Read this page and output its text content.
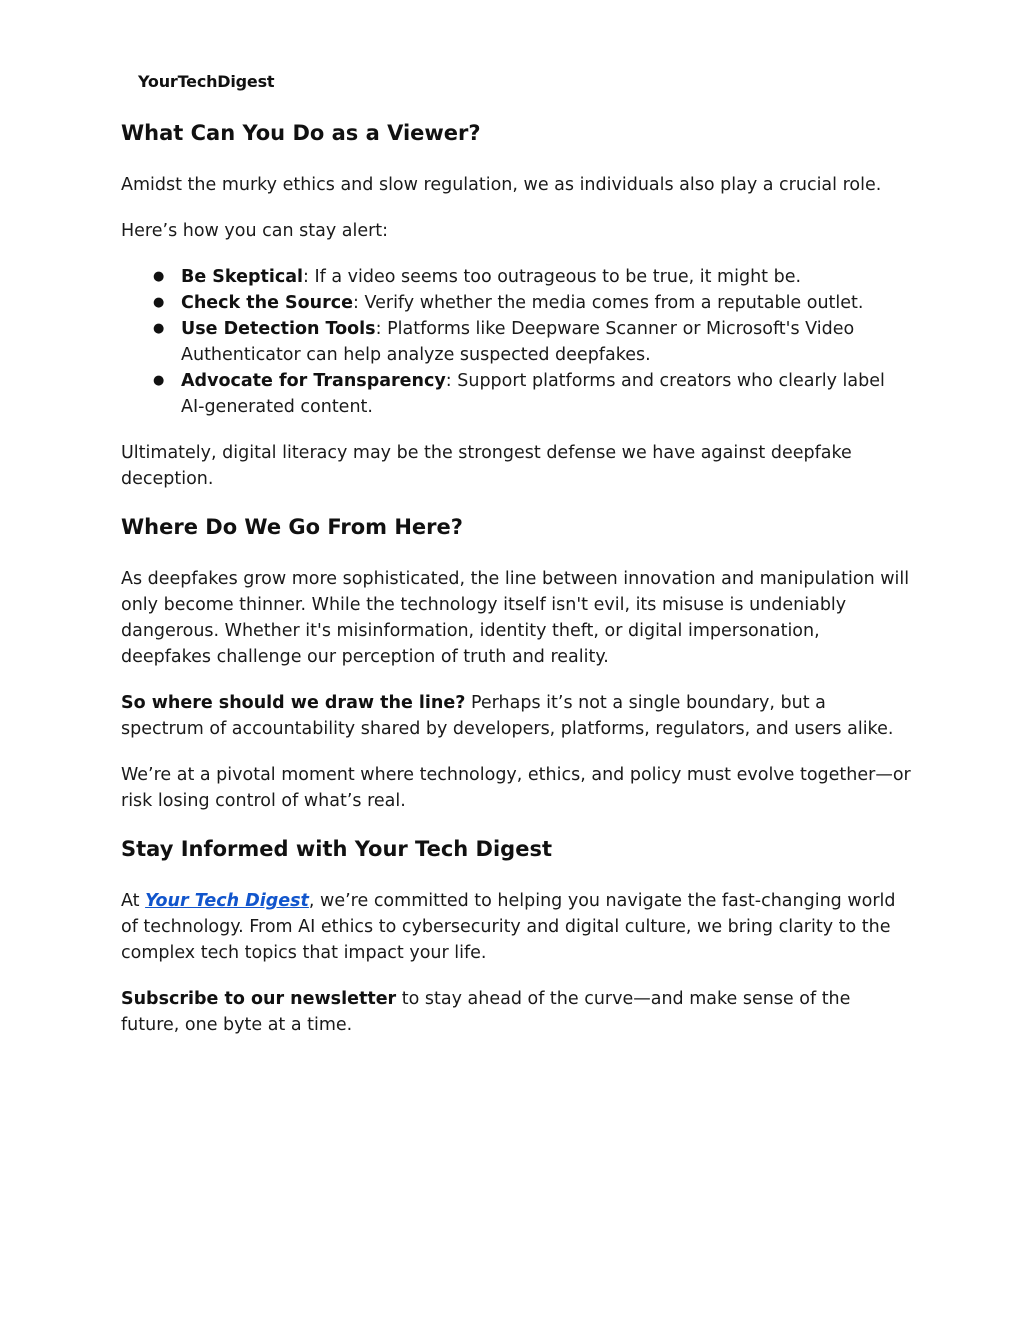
YourTechDigest
What Can You Do as a Viewer?

Amidst the murky ethics and slow regulation, we as individuals also play a crucial role.

Here’s how you can stay alert:

● Be Skeptical: If a video seems too outrageous to be true, it might be.
● Check the Source: Verify whether the media comes from a reputable outlet.
● Use Detection Tools: Platforms like Deepware Scanner or Microsoft's Video Authenticator can help analyze suspected deepfakes.
● Advocate for Transparency: Support platforms and creators who clearly label AI-generated content.

Ultimately, digital literacy may be the strongest defense we have against deepfake deception.

Where Do We Go From Here?

As deepfakes grow more sophisticated, the line between innovation and manipulation will only become thinner. While the technology itself isn't evil, its misuse is undeniably dangerous. Whether it's misinformation, identity theft, or digital impersonation, deepfakes challenge our perception of truth and reality.

So where should we draw the line? Perhaps it’s not a single boundary, but a spectrum of accountability shared by developers, platforms, regulators, and users alike.

We’re at a pivotal moment where technology, ethics, and policy must evolve together—or risk losing control of what’s real.

Stay Informed with Your Tech Digest

At Your Tech Digest, we’re committed to helping you navigate the fast-changing world of technology. From AI ethics to cybersecurity and digital culture, we bring clarity to the complex tech topics that impact your life.

Subscribe to our newsletter to stay ahead of the curve—and make sense of the future, one byte at a time.
